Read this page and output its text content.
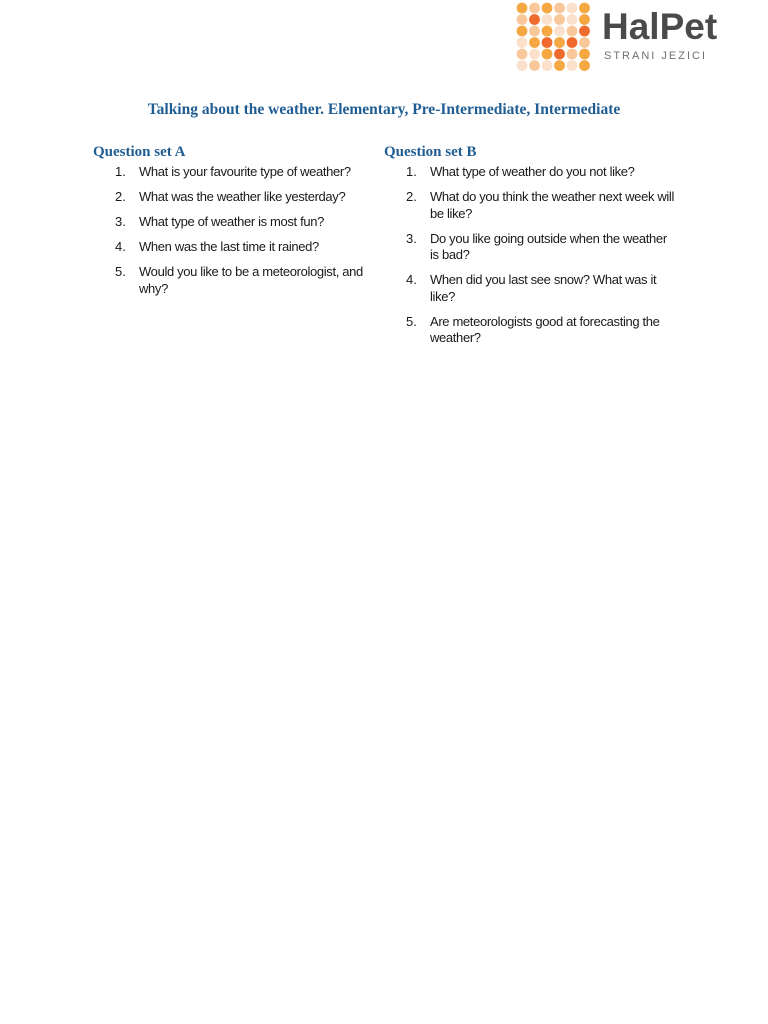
HalPet
STRANI JEZICI
Talking about the weather. Elementary, Pre-Intermediate, Intermediate
Question set A
1. What is your favourite type of weather?
2. What was the weather like yesterday?
3. What type of weather is most fun?
4. When was the last time it rained?
5. Would you like to be a meteorologist, and why?
Question set B
1. What type of weather do you not like?
2. What do you think the weather next week will be like?
3. Do you like going outside when the weather is bad?
4. When did you last see snow? What was it like?
5. Are meteorologists good at forecasting the weather?
